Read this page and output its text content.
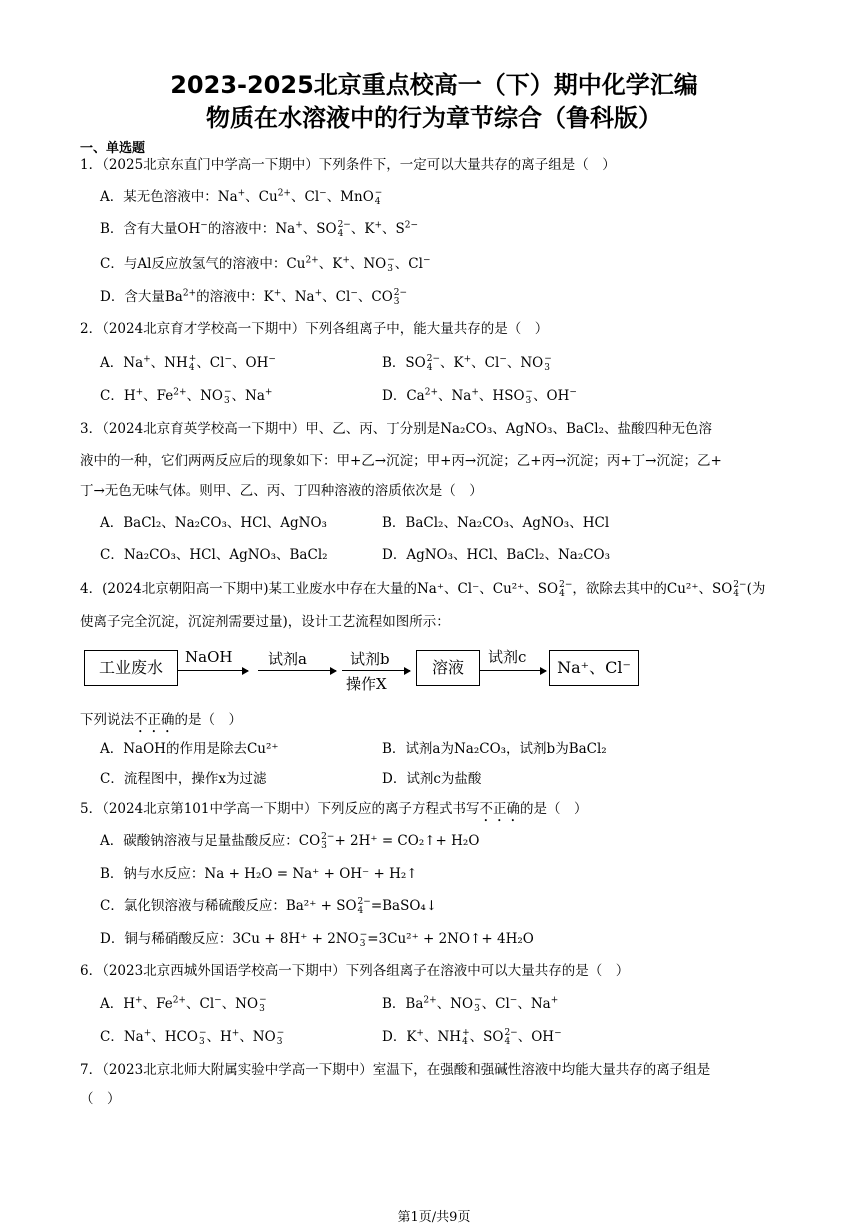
2023-2025北京重点校高一（下）期中化学汇编
物质在水溶液中的行为章节综合（鲁科版）
一、单选题
1．（2025北京东直门中学高一下期中）下列条件下，一定可以大量共存的离子组是（　）
A．某无色溶液中：Na+、$Cu^{2+}$、Cl−、MnO −
4
B．含有大量OH−的溶液中：Na+、SO 2−
4 、K+、$S^{2-}$
C．与Al反应放氢气的溶液中：$Cu^{2+}$、K+、NO −
3 、Cl−
D．含大量$Ba^{2+}$的溶液中：K+、Na+、Cl−、CO 2−
3
2．（2024北京育才学校高一下期中）下列各组离子中，能大量共存的是（　）
A．Na+、NH +
4 、Cl−、OH−	B．SO 2−
4 、K+、Cl−、NO −
3
C．H+、$Fe^{2+}$、NO −
3 、Na+	D．$Ca^{2+}$、Na+、HSO −
3 、OH−
3．（2024北京育英学校高一下期中）甲、乙、丙、丁分别是Na₂CO₃、AgNO₃、BaCl₂、盐酸四种无色溶
液中的一种，它们两两反应后的现象如下：甲+乙→沉淀；甲+丙→沉淀；乙+丙→沉淀；丙+丁→沉淀；乙+
丁→无色无味气体。则甲、乙、丙、丁四种溶液的溶质依次是（　）
A．BaCl₂、Na₂CO₃、HCl、AgNO₃	B．BaCl₂、Na₂CO₃、AgNO₃、HCl
C．Na₂CO₃、HCl、AgNO₃、BaCl₂	D．AgNO₃、HCl、BaCl₂、Na₂CO₃
4．(2024北京朝阳高一下期中)某工业废水中存在大量的Na⁺、Cl⁻、Cu²⁺、SO 2−
4 ，欲除去其中的Cu²⁺、SO 2−
4 (为
使离子完全沉淀，沉淀剂需要过量)，设计工艺流程如图所示：
工业废水
NaOH 试剂a	试剂b
操作X
溶液
试剂c
Na⁺、Cl⁻
下列说法不正确的是（　）
A．NaOH的作用是除去Cu²⁺	B．试剂a为Na₂CO₃，试剂b为BaCl₂
C．流程图中，操作x为过滤	D．试剂c为盐酸
5．（2024北京第101中学高一下期中）下列反应的离子方程式书写不正确的是（　）
A．碳酸钠溶液与足量盐酸反应：CO 2−
3 + 2H⁺ = CO₂↑+ H₂O
B．钠与水反应：Na + H₂O = Na⁺ + OH⁻ + H₂↑
C．氯化钡溶液与稀硫酸反应：Ba²⁺ + SO 2−
4 =BaSO₄↓
D．铜与稀硝酸反应：3Cu + 8H⁺ + 2NO −
3 =3Cu²⁺ + 2NO↑+ 4H₂O
6．（2023北京西城外国语学校高一下期中）下列各组离子在溶液中可以大量共存的是（　）
A．H+、$Fe^{2+}$、Cl−、NO −
3	B．$Ba^{2+}$、NO −
3 、Cl−、Na+
C．Na+、HCO −
3 、H+、NO −
3	D．K+、NH +
4 、SO 2−
4 、OH−
7．（2023北京北师大附属实验中学高一下期中）室温下，在强酸和强碱性溶液中均能大量共存的离子组是
（　）
第1页/共9页
